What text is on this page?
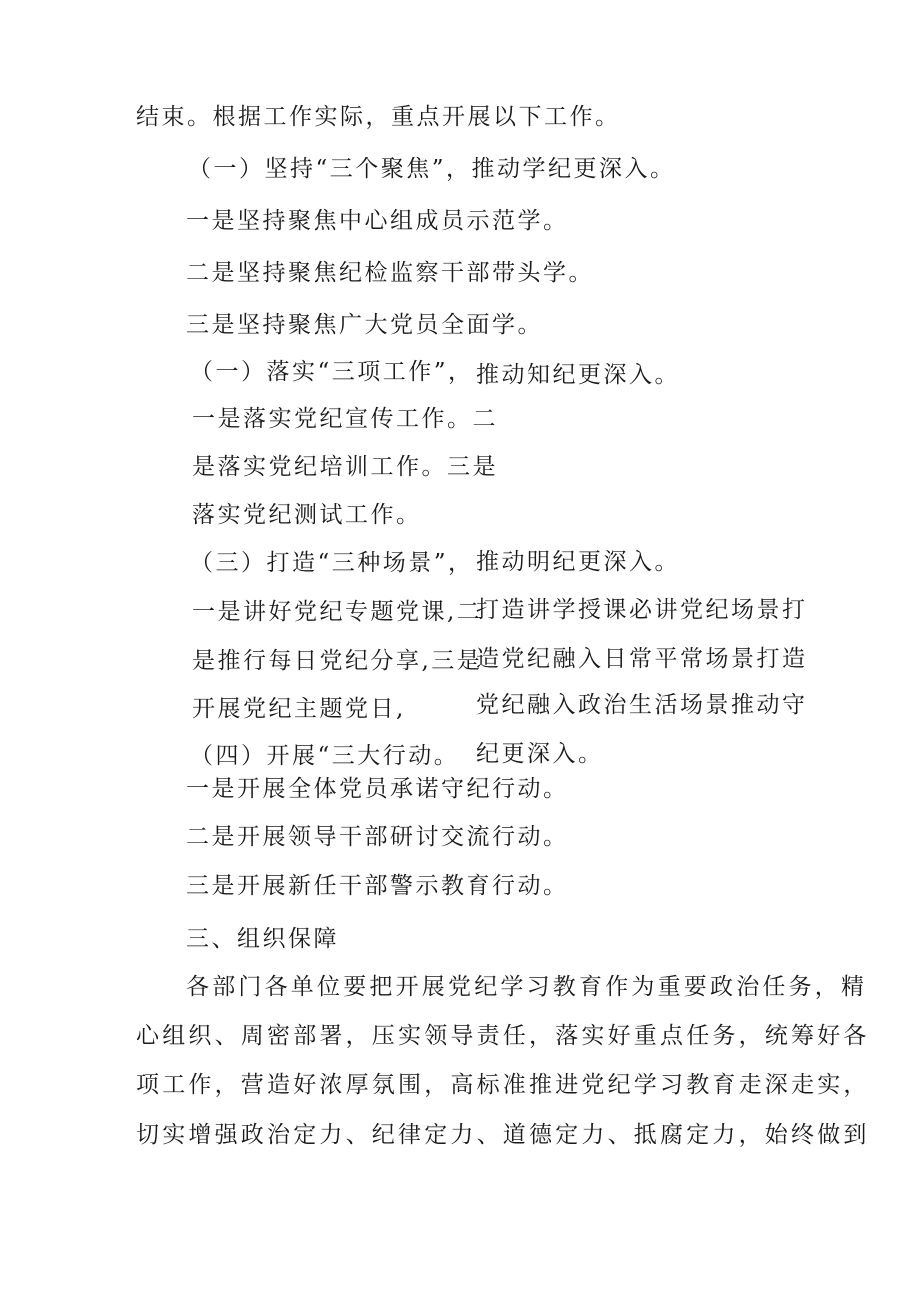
结束。根据工作实际，重点开展以下工作。

（一）坚持“三个聚焦”，推动学纪更深入。

一是坚持聚焦中心组成员示范学。

二是坚持聚焦纪检监察干部带头学。

三是坚持聚焦广大党员全面学。

（一）落实“三项工作”， 推动知纪更深入。

一是落实党纪宣传工作。二

是落实党纪培训工作。三是

落实党纪测试工作。

（三）打造“三种场景”， 推动明纪更深入。

一是讲好党纪专题党课,二

是推行每日党纪分享,三是

开展党纪主题党日,

打造讲学授课必讲党纪场景打

造党纪融入日常平常场景打造

党纪融入政治生活场景推动守

纪更深入。

（四）开展“三大行动。

一是开展全体党员承诺守纪行动。

二是开展领导干部研讨交流行动。

三是开展新任干部警示教育行动。

三、组织保障

各部门各单位要把开展党纪学习教育作为重要政治任务，精

心组织、周密部署，压实领导责任，落实好重点任务，统筹好各

项工作，营造好浓厚氛围，高标准推进党纪学习教育走深走实，

切实增强政治定力、纪律定力、道德定力、抵腐定力，始终做到
